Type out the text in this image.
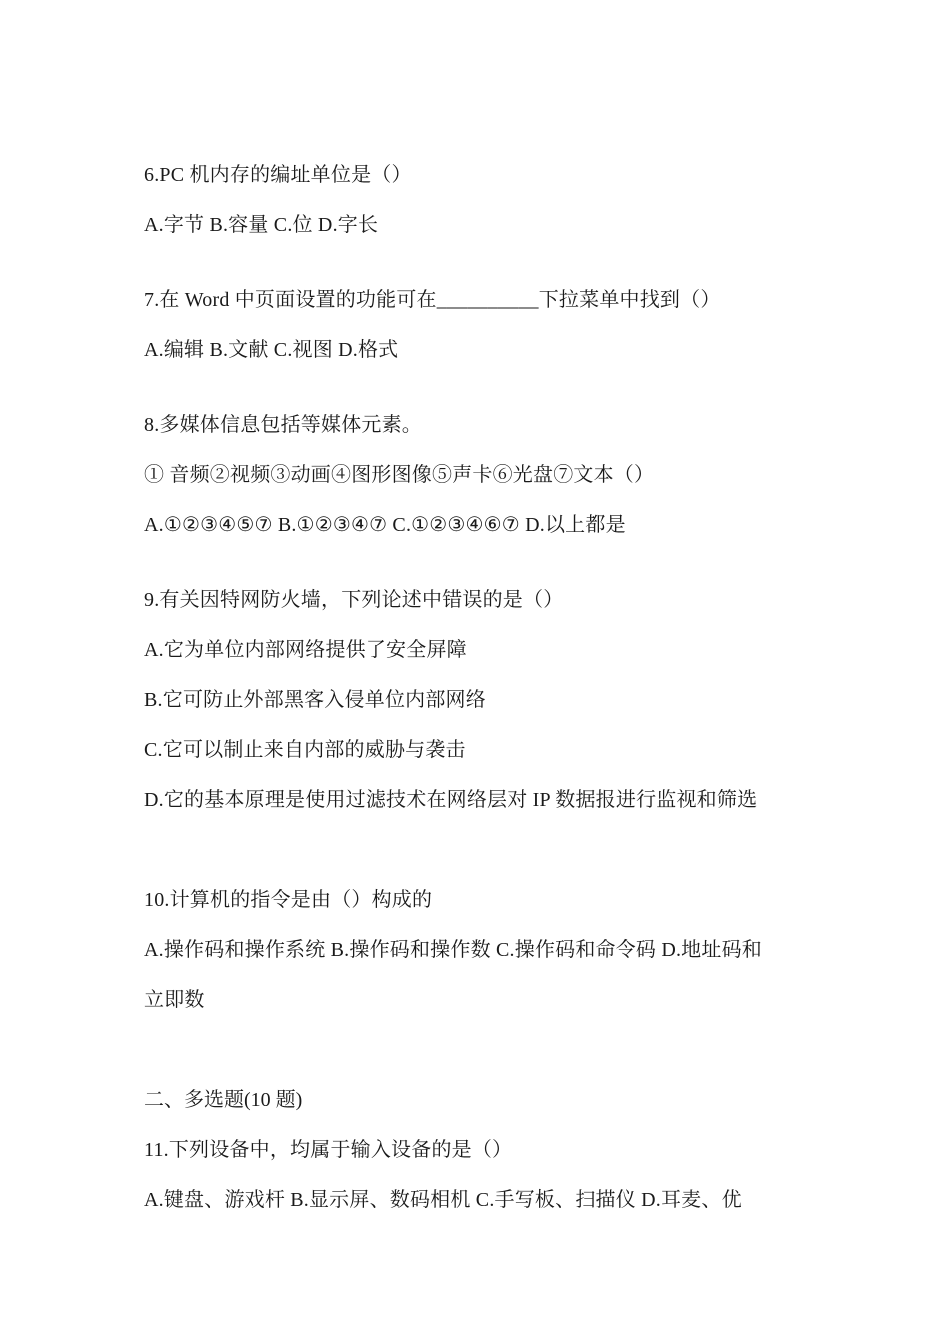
6.PC 机内存的编址单位是（）
A.字节 B.容量 C.位 D.字长
7.在 Word 中页面设置的功能可在__________下拉菜单中找到（）
A.编辑 B.文献 C.视图 D.格式
8.多媒体信息包括等媒体元素。
① 音频②视频③动画④图形图像⑤声卡⑥光盘⑦文本（）
A.①②③④⑤⑦ B.①②③④⑦ C.①②③④⑥⑦ D.以上都是
9.有关因特网防火墙，下列论述中错误的是（）
A.它为单位内部网络提供了安全屏障
B.它可防止外部黑客入侵单位内部网络
C.它可以制止来自内部的威胁与袭击
D.它的基本原理是使用过滤技术在网络层对 IP 数据报进行监视和筛选
10.计算机的指令是由（）构成的
A.操作码和操作系统 B.操作码和操作数 C.操作码和命令码 D.地址码和
立即数
二、多选题(10 题)
11.下列设备中，均属于输入设备的是（）
A.键盘、游戏杆 B.显示屏、数码相机 C.手写板、扫描仪 D.耳麦、优
